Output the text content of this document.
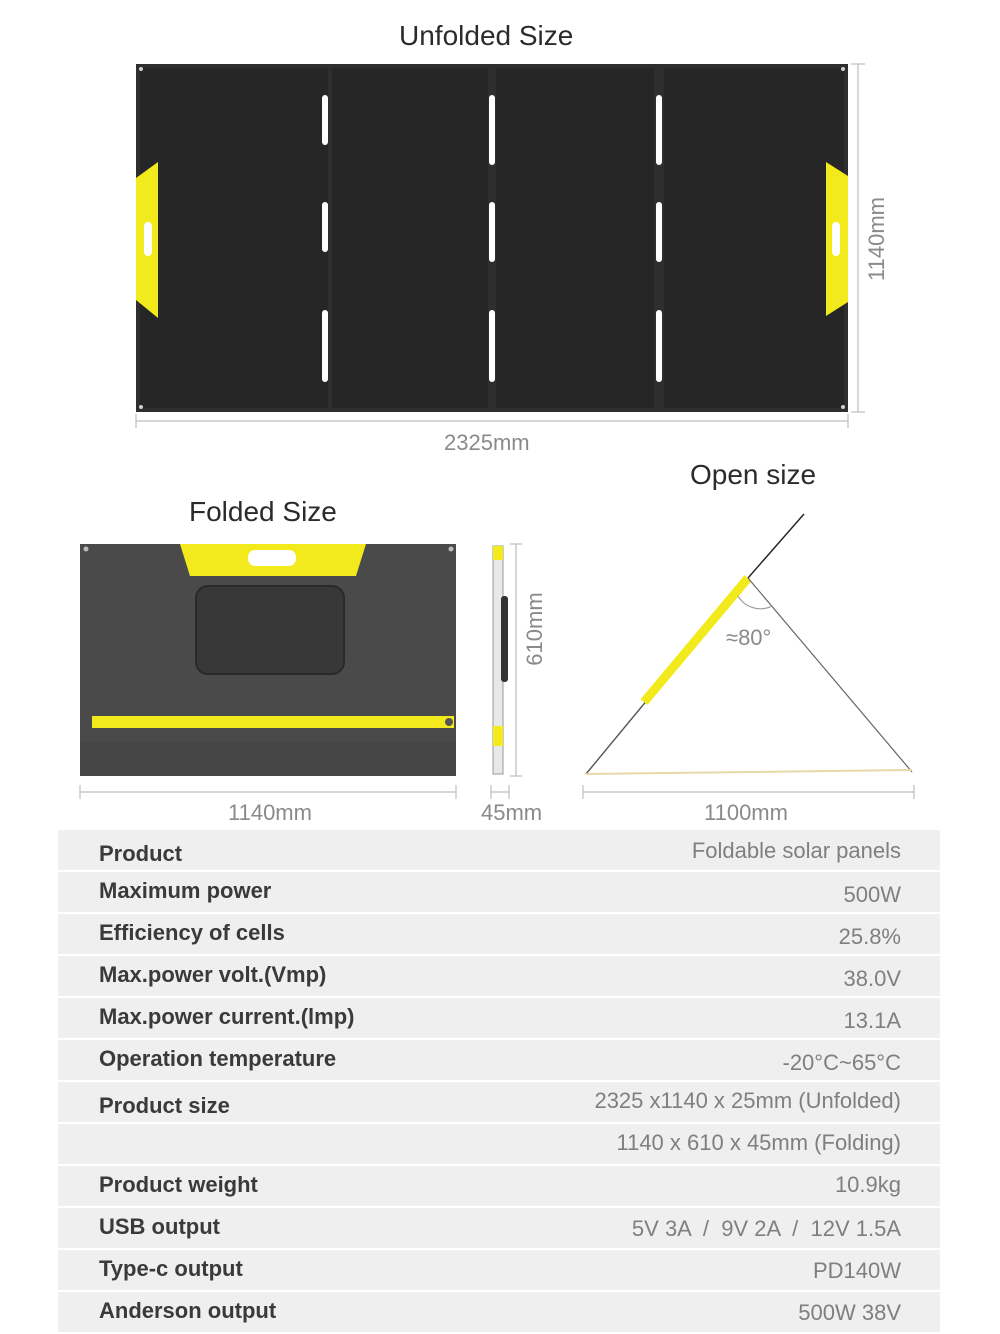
Unfolded Size
2325mm
1140mm
Folded Size
1140mm	45mm
610mm
Open size
≈80°
1100mm
Product	Foldable solar panels
Maximum power	500W
Efficiency of cells	25.8%
Max.power volt.(Vmp)	38.0V
Max.power current.(lmp)	13.1A
Operation temperature	-20°C~65°C
Product size	2325 x1140 x 25mm (Unfolded)
1140 x 610 x 45mm (Folding)
Product weight	10.9kg
USB output	5V 3A  /  9V 2A  /  12V 1.5A
Type-c output	PD140W
Anderson output	500W 38V
